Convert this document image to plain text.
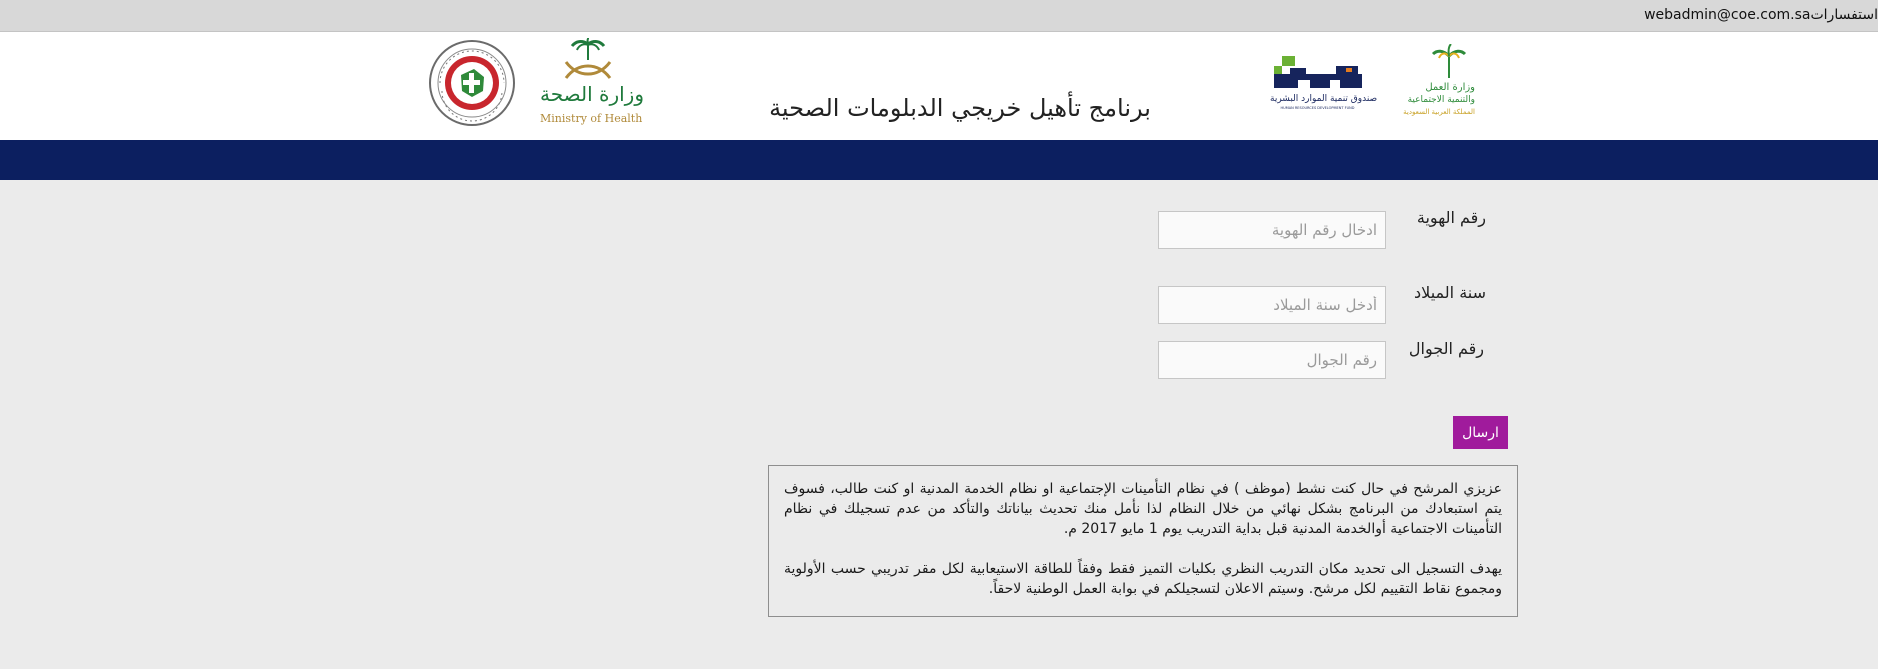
webadmin@coe.com.saاستفسارات
وزارة الصحة
Ministry of Health	برنامج تأهيل خريجي الدبلومات الصحية	صندوق تنمية الموارد البشرية
HUMAN RESOURCES DEVELOPMENT FUND
وزارة العمل
والتنمية الاجتماعية
المملكة العربية السعودية
رقم الهوية
ادخال رقم الهوية
سنة الميلاد
أدخل سنة الميلاد
رقم الجوال
رقم الجوال
ارسال

عزيزي المرشح في حال كنت نشط (موظف ) في نظام التأمينات الإجتماعية او نظام الخدمة المدنية او كنت طالب، فسوف يتم استبعادك من البرنامج بشكل نهائي من خلال النظام لذا نأمل منك تحديث بياناتك والتأكد من عدم تسجيلك في نظام التأمينات الاجتماعية أوالخدمة المدنية قبل بداية التدريب يوم 1 مايو 2017 م.

يهدف التسجيل الى تحديد مكان التدريب النظري بكليات التميز فقط وفقاً للطاقة الاستيعابية لكل مقر تدريبي حسب الأولوية ومجموع نقاط التقييم لكل مرشح. وسيتم الاعلان لتسجيلكم في بوابة العمل الوطنية لاحقاً.
